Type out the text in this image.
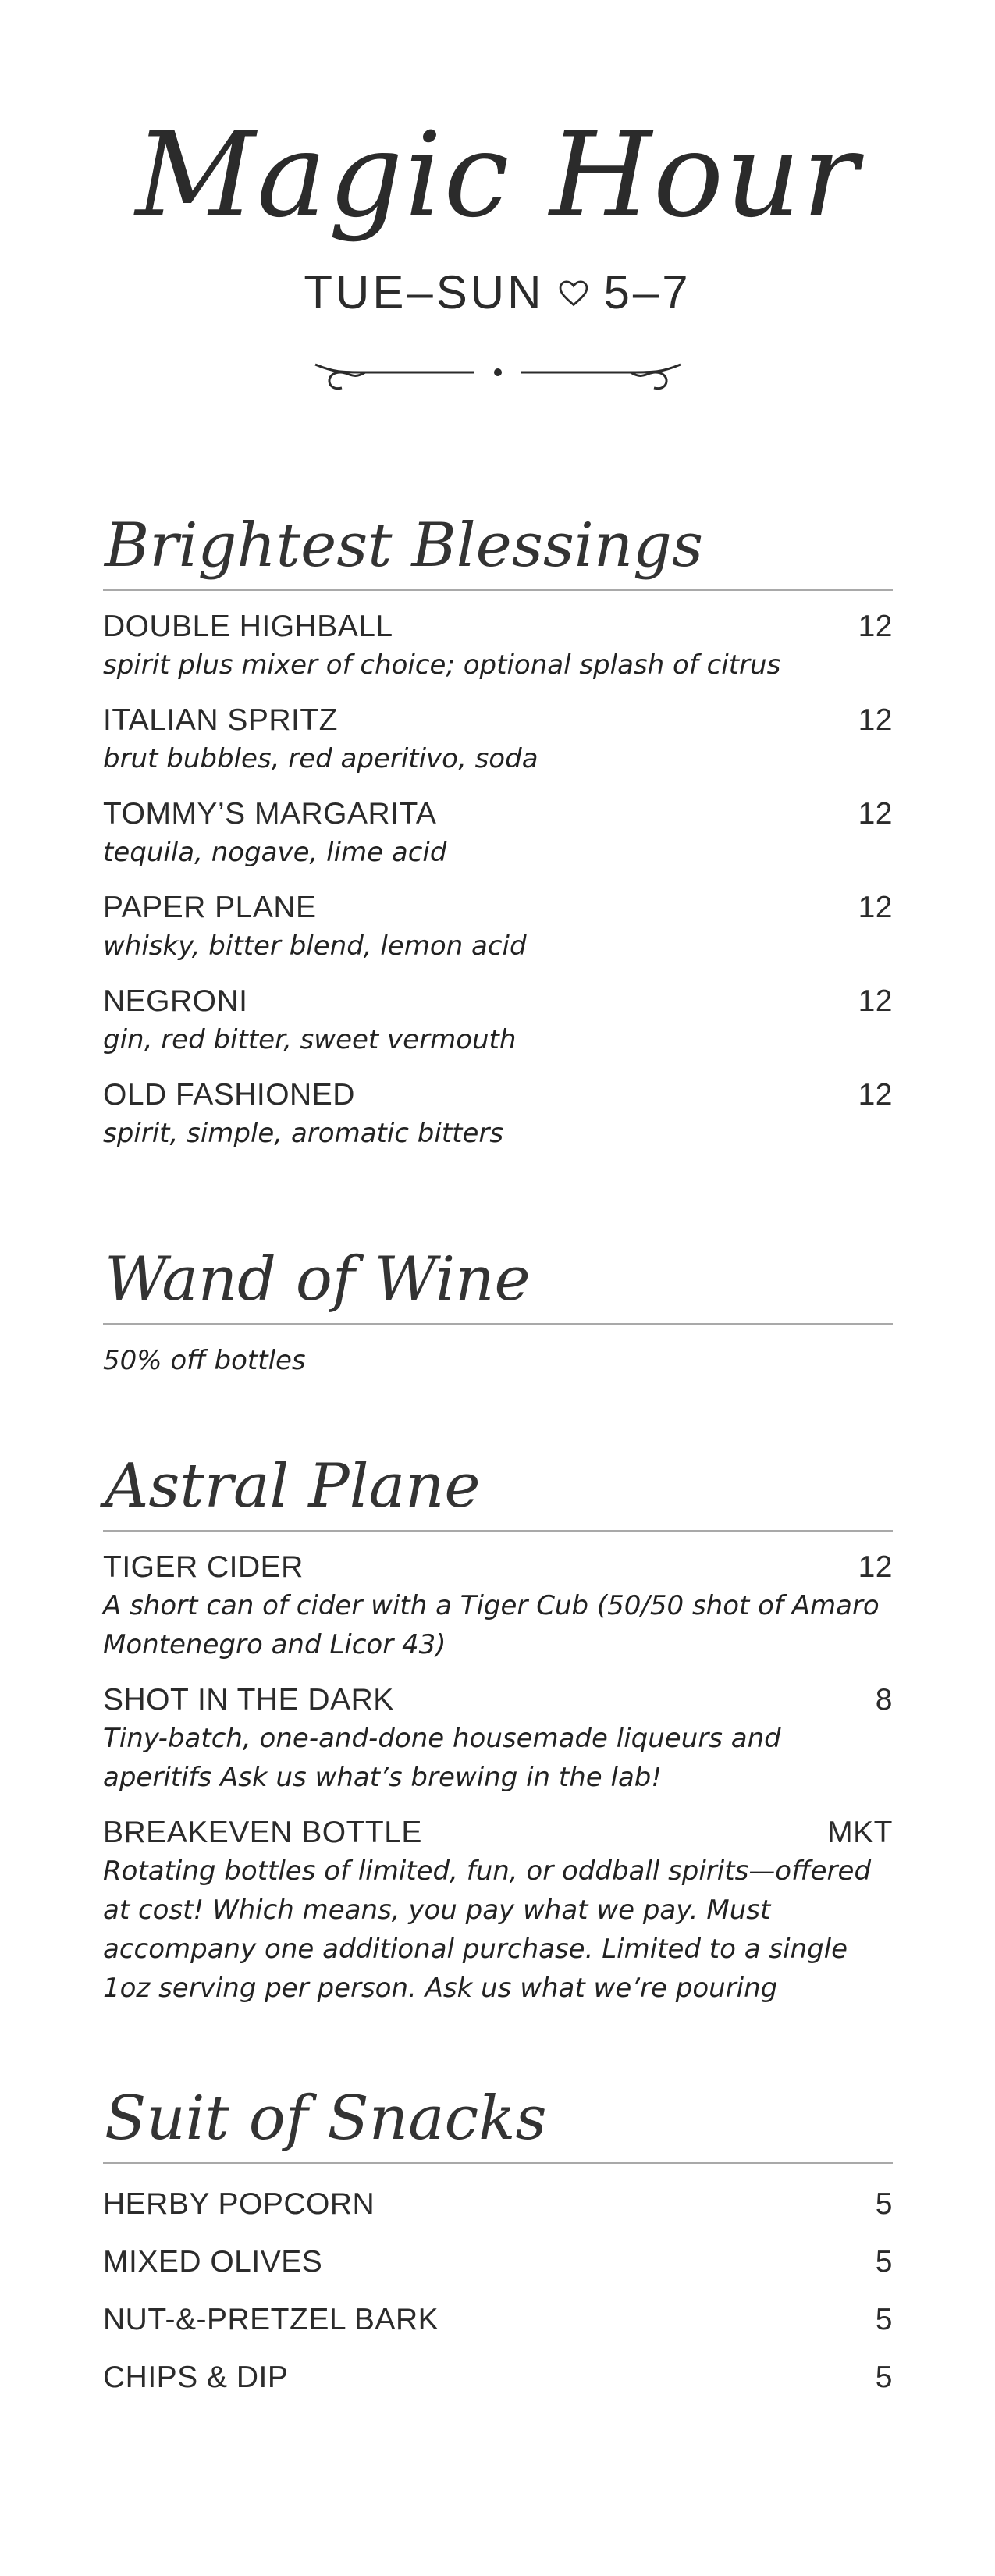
Magic Hour
TUE–SUN 5–7
Brightest Blessings
DOUBLE HIGHBALL	12
spirit plus mixer of choice; optional splash of citrus
ITALIAN SPRITZ	12
brut bubbles, red aperitivo, soda
TOMMY’S MARGARITA	12
tequila, nogave, lime acid
PAPER PLANE	12
whisky, bitter blend, lemon acid
NEGRONI	12
gin, red bitter, sweet vermouth
OLD FASHIONED	12
spirit, simple, aromatic bitters
Wand of Wine
50% off bottles
Astral Plane
TIGER CIDER	12
A short can of cider with a Tiger Cub (50/50 shot of Amaro Montenegro and Licor 43)
SHOT IN THE DARK	8
Tiny-batch, one-and-done housemade liqueurs and aperitifs Ask us what’s brewing in the lab!
BREAKEVEN BOTTLE	MKT
Rotating bottles of limited, fun, or oddball spirits—offered at cost! Which means, you pay what we pay. Must accompany one additional purchase. Limited to a single 1oz serving per person. Ask us what we’re pouring
Suit of Snacks
HERBY POPCORN	5
MIXED OLIVES	5
NUT-&-PRETZEL BARK	5
CHIPS & DIP	5
